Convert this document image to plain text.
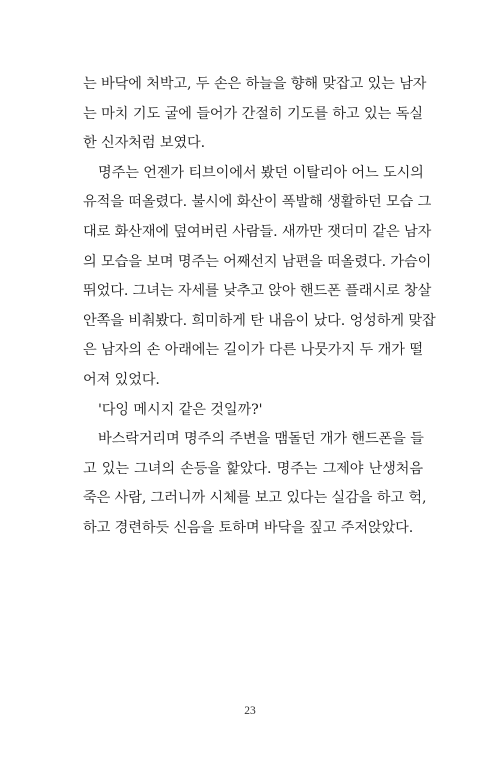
는 바닥에 처박고, 두 손은 하늘을 향해 맞잡고 있는 남자
는 마치 기도 굴에 들어가 간절히 기도를 하고 있는 독실
한 신자처럼 보였다.
명주는 언젠가 티브이에서 봤던 이탈리아 어느 도시의
유적을 떠올렸다. 불시에 화산이 폭발해 생활하던 모습 그
대로 화산재에 덮여버린 사람들. 새까만 잿더미 같은 남자
의 모습을 보며 명주는 어째선지 남편을 떠올렸다. 가슴이
뛰었다. 그녀는 자세를 낮추고 앉아 핸드폰 플래시로 창살
안쪽을 비춰봤다. 희미하게 탄 내음이 났다. 엉성하게 맞잡
은 남자의 손 아래에는 길이가 다른 나뭇가지 두 개가 떨
어져 있었다.
'다잉 메시지 같은 것일까?'
바스락거리며 명주의 주변을 맴돌던 개가 핸드폰을 들
고 있는 그녀의 손등을 핥았다. 명주는 그제야 난생처음
죽은 사람, 그러니까 시체를 보고 있다는 실감을 하고 헉,
하고 경련하듯 신음을 토하며 바닥을 짚고 주저앉았다.
23
